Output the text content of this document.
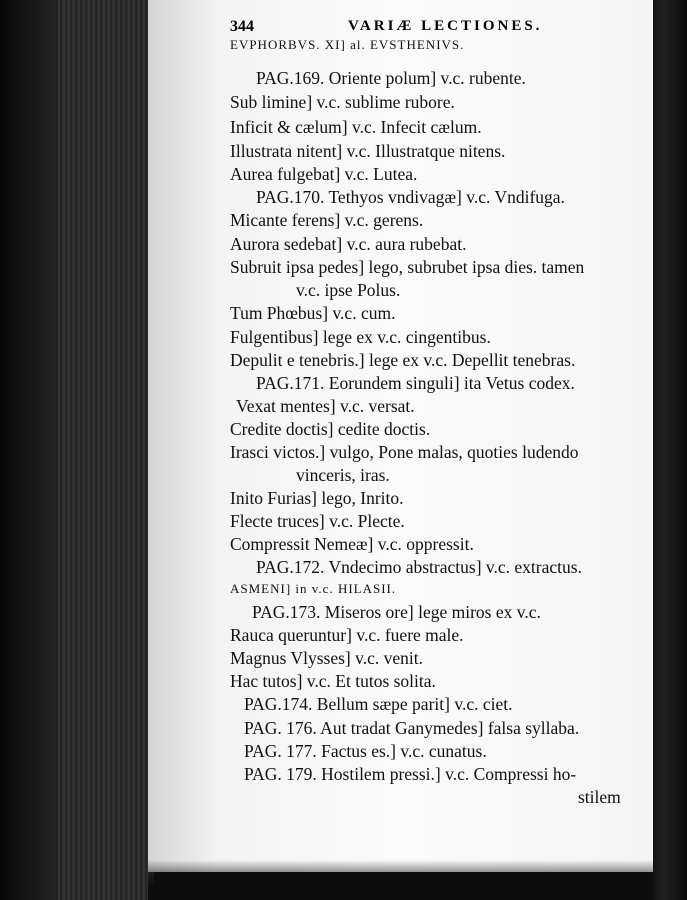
344	VARIÆ LECTIONES.
EVPHORBVS. XI] al. EVSTHENIVS.
PAG.169. Oriente polum] v.c. rubente.
Sub limine] v.c. sublime rubore.
Inficit & cælum] v.c. Infecit cælum.
Illustrata nitent] v.c. Illustratque nitens.
Aurea fulgebat] v.c. Lutea.
PAG.170. Tethyos vndivagæ] v.c. Vndifuga.
Micante ferens] v.c. gerens.
Aurora sedebat] v.c. aura rubebat.
Subruit ipsa pedes] lego, subrubet ipsa dies. tamen
v.c. ipse Polus.
Tum Phœbus] v.c. cum.
Fulgentibus] lege ex v.c. cingentibus.
Depulit e tenebris.] lege ex v.c. Depellit tenebras.
PAG.171. Eorundem singuli] ita Vetus codex.
Vexat mentes] v.c. versat.
Credite doctis] cedite doctis.
Irasci victos.] vulgo, Pone malas, quoties ludendo
vinceris, iras.
Inito Furias] lego, Inrito.
Flecte truces] v.c. Plecte.
Compressit Nemeæ] v.c. oppressit.
PAG.172. Vndecimo abstractus] v.c. extractus.
ASMENI] in v.c. HILASII.
PAG.173. Miseros ore] lege miros ex v.c.
Rauca queruntur] v.c. fuere male.
Magnus Vlysses] v.c. venit.
Hac tutos] v.c. Et tutos solita.
PAG.174. Bellum sæpe parit] v.c. ciet.
PAG. 176. Aut tradat Ganymedes] falsa syllaba.
PAG. 177. Factus es.] v.c. cunatus.
PAG. 179. Hostilem pressi.] v.c. Compressi ho-
stilem
